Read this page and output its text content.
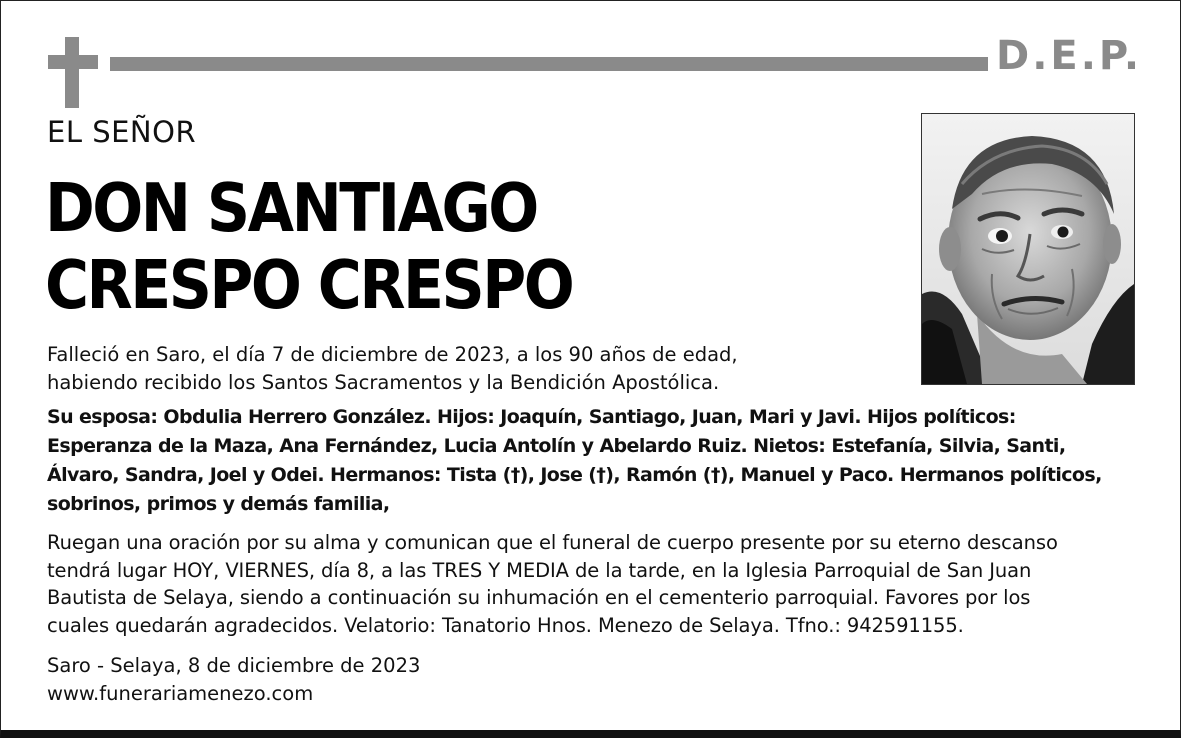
D.E.P.
EL SEÑOR
DON SANTIAGO
CRESPO CRESPO

Falleció en Saro, el día 7 de diciembre de 2023, a los 90 años de edad,
habiendo recibido los Santos Sacramentos y la Bendición Apostólica.

Su esposa: Obdulia Herrero González. Hijos: Joaquín, Santiago, Juan, Mari y Javi. Hijos políticos:
Esperanza de la Maza, Ana Fernández, Lucia Antolín y Abelardo Ruiz. Nietos: Estefanía, Silvia, Santi,
Álvaro, Sandra, Joel y Odei. Hermanos: Tista (†), Jose (†), Ramón (†), Manuel y Paco. Hermanos políticos,
sobrinos, primos y demás familia,

Ruegan una oración por su alma y comunican que el funeral de cuerpo presente por su eterno descanso
tendrá lugar HOY, VIERNES, día 8, a las TRES Y MEDIA de la tarde, en la Iglesia Parroquial de San Juan
Bautista de Selaya, siendo a continuación su inhumación en el cementerio parroquial. Favores por los
cuales quedarán agradecidos. Velatorio: Tanatorio Hnos. Menezo de Selaya. Tfno.: 942591155.

Saro - Selaya, 8 de diciembre de 2023
www.funerariamenezo.com
